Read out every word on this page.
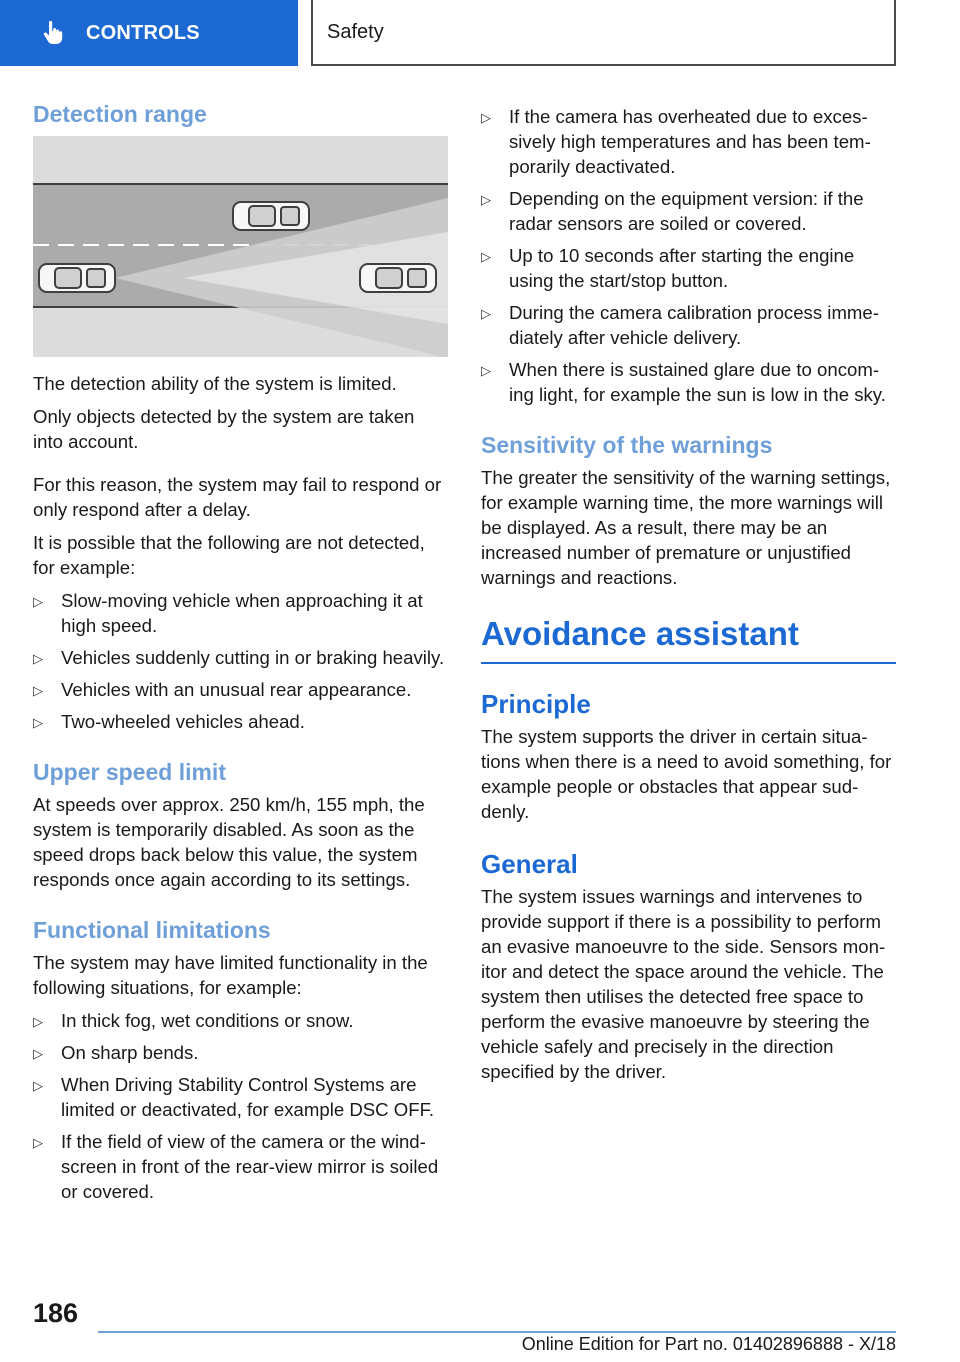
CONTROLS	Safety
Detection range

The detection ability of the system is limited.

Only objects detected by the system are taken into account.

For this reason, the system may fail to respond or only respond after a delay.

It is possible that the following are not detected, for example:

▷ Slow-moving vehicle when approaching it at high speed.
▷ Vehicles suddenly cutting in or braking heavily.
▷ Vehicles with an unusual rear appearance.
▷ Two-wheeled vehicles ahead.
Upper speed limit

At speeds over approx. 250 km/h, 155 mph, the system is temporarily disabled. As soon as the speed drops back below this value, the system responds once again according to its settings.

Functional limitations

The system may have limited functionality in the following situations, for example:

▷ In thick fog, wet conditions or snow.
▷ On sharp bends.
▷ When Driving Stability Control Systems are limited or deactivated, for example DSC OFF.
▷ If the field of view of the camera or the windscreen in front of the rear-view mirror is soiled or covered.
▷ If the camera has overheated due to excessively high temperatures and has been temporarily deactivated.
▷ Depending on the equipment version: if the radar sensors are soiled or covered.
▷ Up to 10 seconds after starting the engine using the start/stop button.
▷ During the camera calibration process immediately after vehicle delivery.
▷ When there is sustained glare due to oncoming light, for example the sun is low in the sky.
Sensitivity of the warnings

The greater the sensitivity of the warning settings, for example warning time, the more warnings will be displayed. As a result, there may be an increased number of premature or unjustified warnings and reactions.

Avoidance assistant
Principle

The system supports the driver in certain situations when there is a need to avoid something, for example people or obstacles that appear suddenly.

General

The system issues warnings and intervenes to provide support if there is a possibility to perform an evasive manoeuvre to the side. Sensors monitor and detect the space around the vehicle. The system then utilises the detected free space to perform the evasive manoeuvre by steering the vehicle safely and precisely in the direction specified by the driver.

186
Online Edition for Part no. 01402896888 - X/18
